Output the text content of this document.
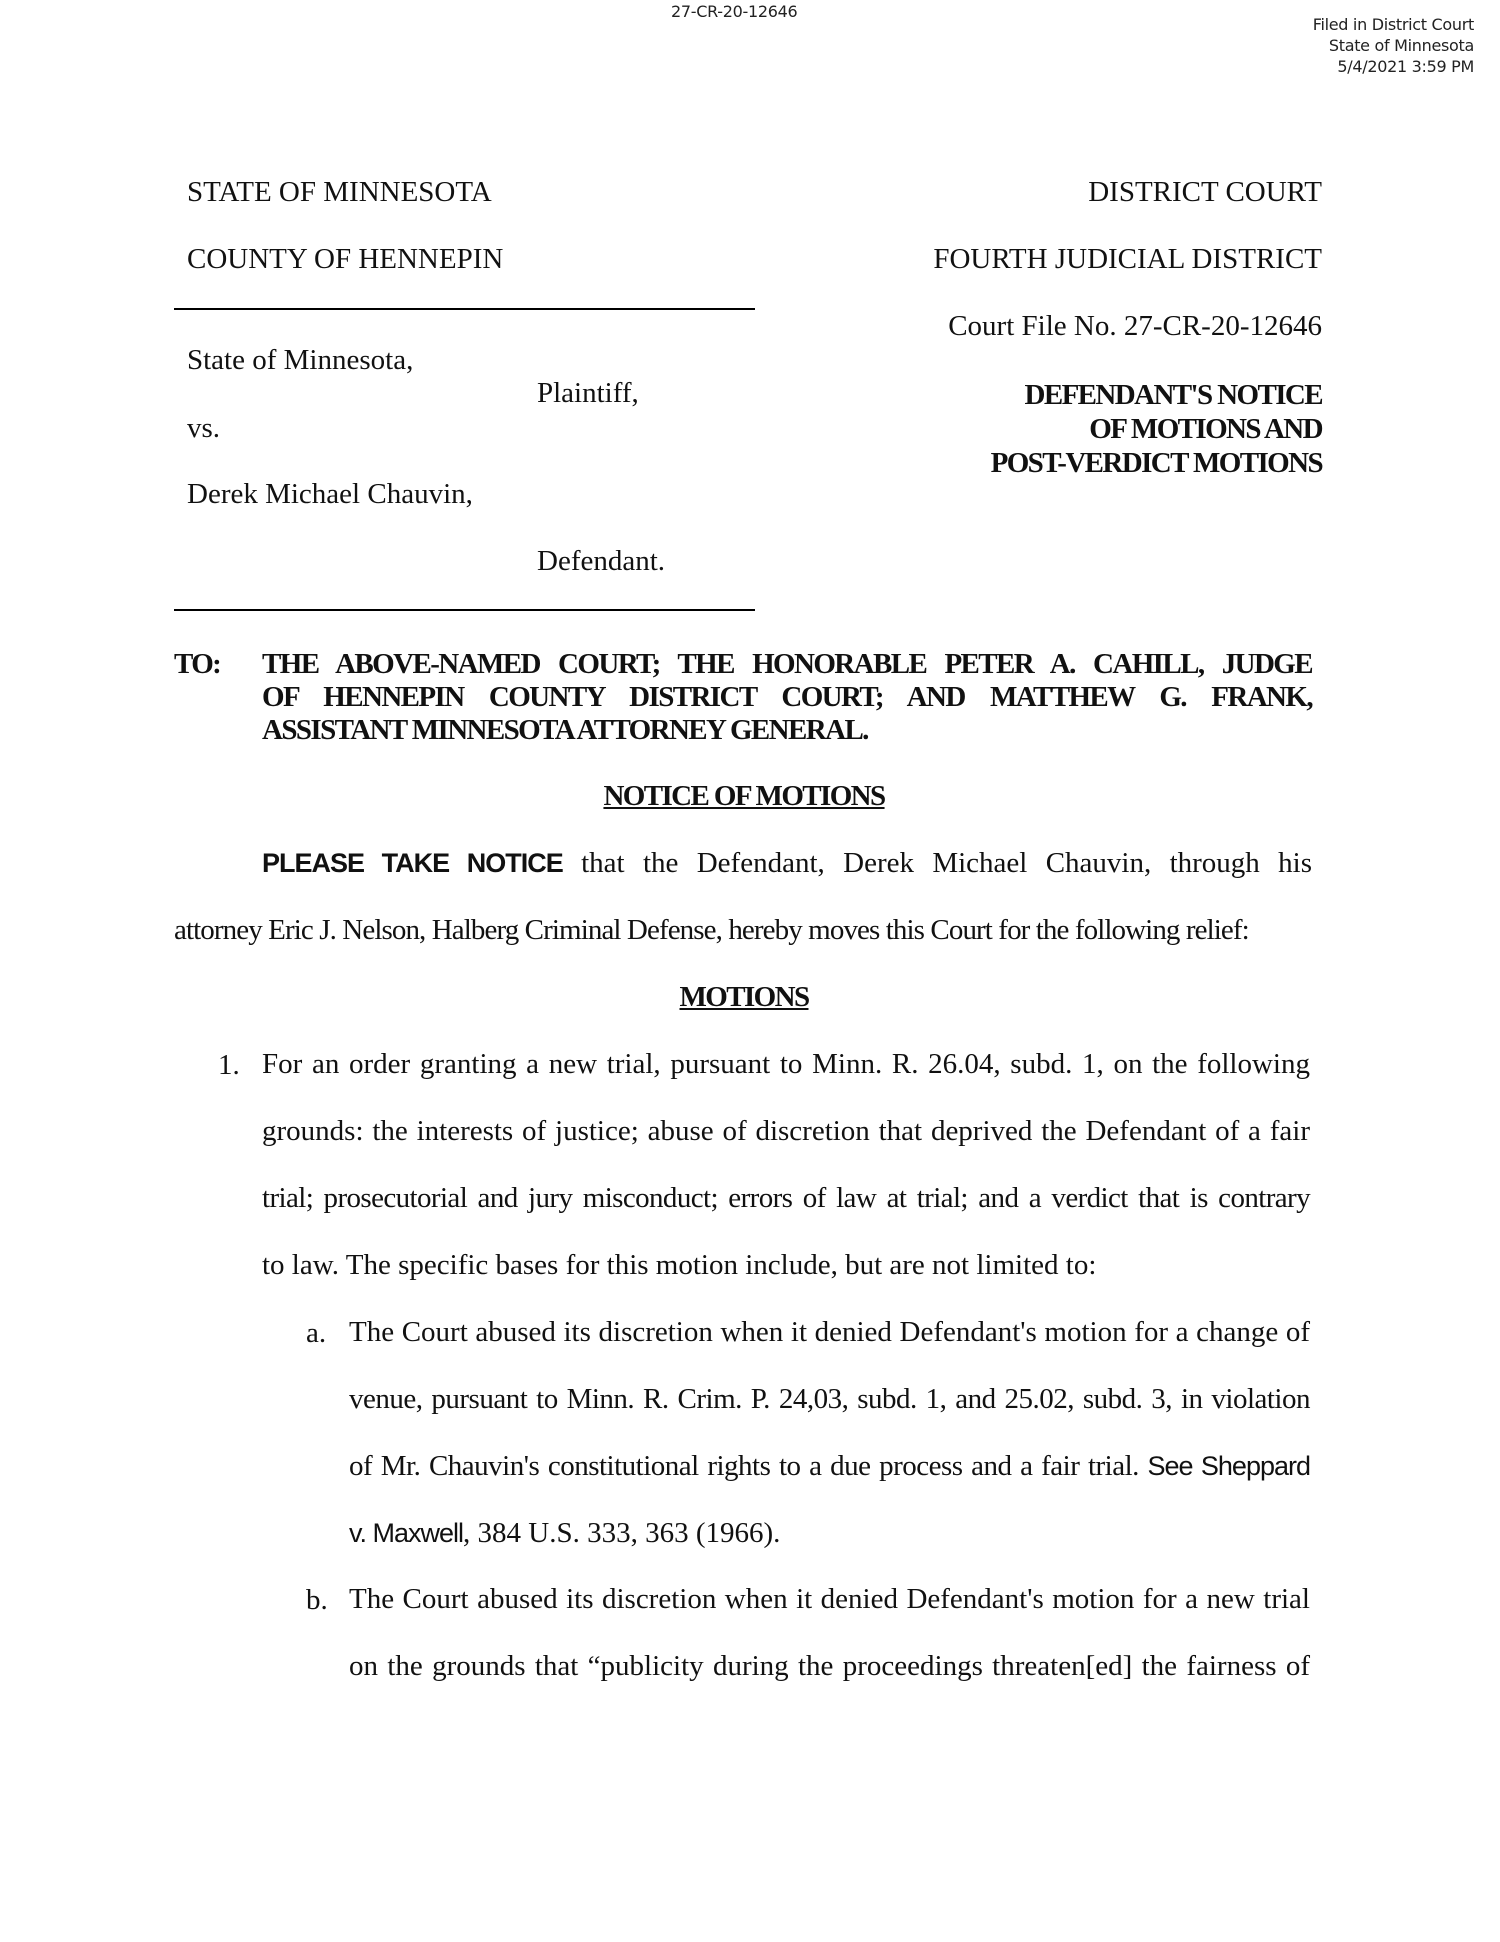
27-CR-20-12646
Filed in District Court
State of Minnesota
5/4/2021 3:59 PM
STATE OF MINNESOTA
COUNTY OF HENNEPIN
DISTRICT COURT
FOURTH JUDICIAL DISTRICT
Court File No. 27-CR-20-12646
State of Minnesota,
Plaintiff,
vs.
Derek Michael Chauvin,
Defendant.
DEFENDANT'S NOTICE
OF MOTIONS AND
POST-VERDICT MOTIONS
TO: THE ABOVE-NAMED COURT; THE HONORABLE PETER A. CAHILL, JUDGE
OF HENNEPIN COUNTY DISTRICT COURT; AND MATTHEW G. FRANK,
ASSISTANT MINNESOTA ATTORNEY GENERAL.
NOTICE OF MOTIONS
PLEASE TAKE NOTICE that the Defendant, Derek Michael Chauvin, through his
attorney Eric J. Nelson, Halberg Criminal Defense, hereby moves this Court for the following relief:
MOTIONS
1. For an order granting a new trial, pursuant to Minn. R. 26.04, subd. 1, on the following
grounds: the interests of justice; abuse of discretion that deprived the Defendant of a fair
trial; prosecutorial and jury misconduct; errors of law at trial; and a verdict that is contrary
to law. The specific bases for this motion include, but are not limited to:
a. The Court abused its discretion when it denied Defendant's motion for a change of
venue, pursuant to Minn. R. Crim. P. 24,03, subd. 1, and 25.02, subd. 3, in violation
of Mr. Chauvin's constitutional rights to a due process and a fair trial. See Sheppard
v. Maxwell, 384 U.S. 333, 363 (1966).
b. The Court abused its discretion when it denied Defendant's motion for a new trial
on the grounds that “publicity during the proceedings threaten[ed] the fairness of
